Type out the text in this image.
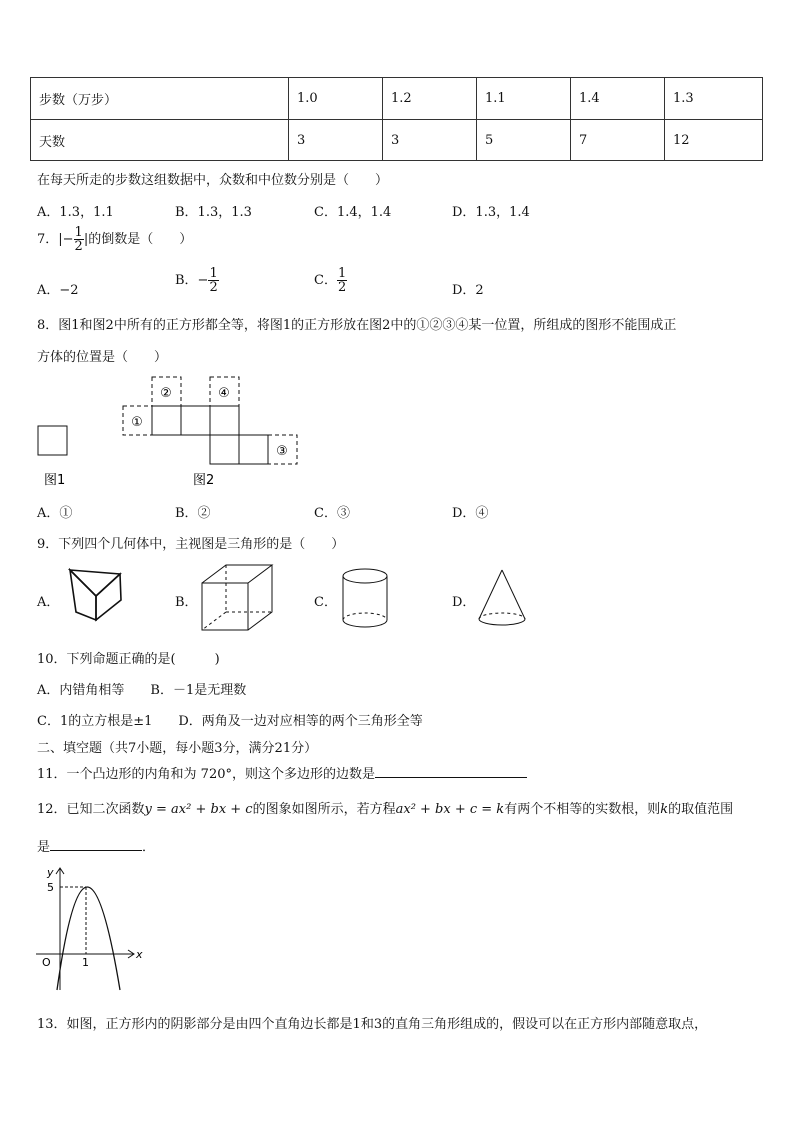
步数（万步）	1.0	1.2	1.1	1.4	1.3
天数	3	3	5	7	12
在每天所走的步数这组数据中，众数和中位数分别是（　　）
A．1.3，1.1	B．1.3，1.3	C．1.4，1.4	D．1.3，1.4
7．|− $\frac{1}{2}$ |的倒数是（　　）
A．−2
B．− $\frac{1}{2}$	C． $\frac{1}{2}$	D．2
8．图1和图2中所有的正方形都全等，将图1的正方形放在图2中的①②③④某一位置，所组成的图形不能围成正
方体的位置是（　　）
①
②
③
④
图1	图2
A．①	B．②	C．③	D．④
9．下列四个几何体中，主视图是三角形的是（　　）
A．	B．	C．	D．
10．下列命题正确的是(　　　)
A．内错角相等　　B．－1是无理数
C．1的立方根是±1　　D．两角及一边对应相等的两个三角形全等
二、填空题（共7小题，每小题3分，满分21分）
11．一个凸边形的内角和为 720°，则这个多边形的边数是
12．已知二次函数y = ax² + bx + c的图象如图所示，若方程ax² + bx + c = k有两个不相等的实数根，则k的取值范围
是	．
y
x
5
1
O
13．如图，正方形内的阴影部分是由四个直角边长都是1和3的直角三角形组成的，假设可以在正方形内部随意取点，
